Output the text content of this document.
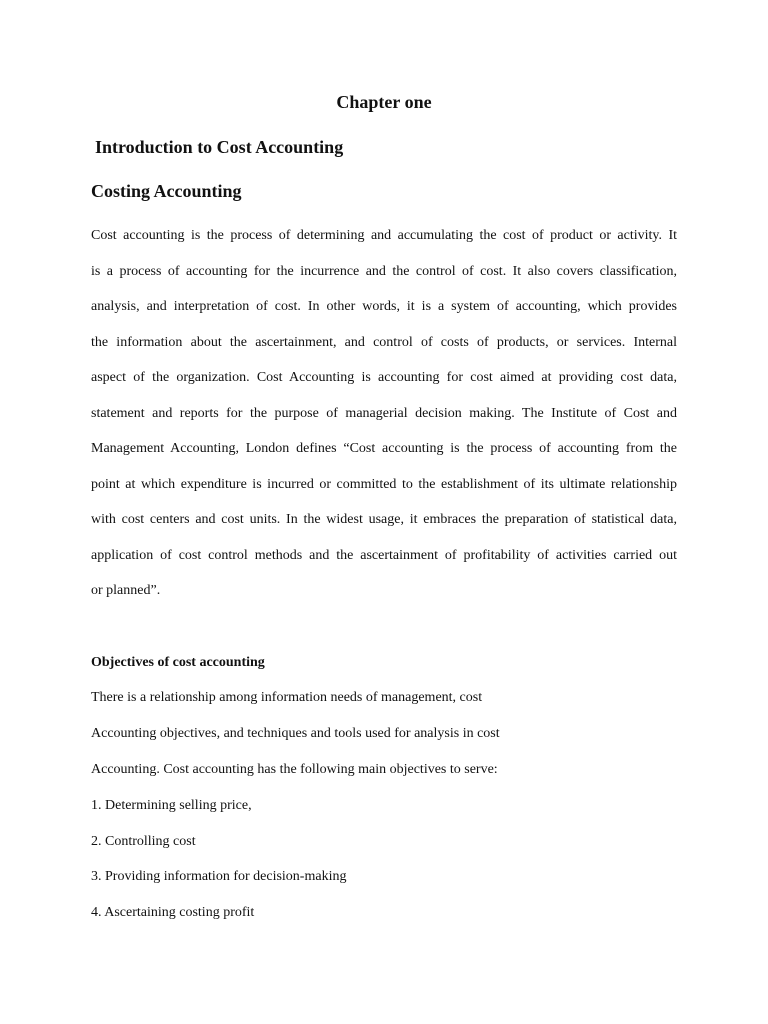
Chapter one
Introduction to Cost Accounting
Costing Accounting
Cost accounting is the process of determining and accumulating the cost of product or activity. It
is a process of accounting for the incurrence and the control of cost. It also covers classification,
analysis, and interpretation of cost. In other words, it is a system of accounting, which provides
the information about the ascertainment, and control of costs of products, or services. Internal
aspect of the organization. Cost Accounting is accounting for cost aimed at providing cost data,
statement and reports for the purpose of managerial decision making. The Institute of Cost and
Management Accounting, London defines “Cost accounting is the process of accounting from the
point at which expenditure is incurred or committed to the establishment of its ultimate relationship
with cost centers and cost units. In the widest usage, it embraces the preparation of statistical data,
application of cost control methods and the ascertainment of profitability of activities carried out
or planned”.
Objectives of cost accounting
There is a relationship among information needs of management, cost
Accounting objectives, and techniques and tools used for analysis in cost
Accounting. Cost accounting has the following main objectives to serve:
1. Determining selling price,
2. Controlling cost
3. Providing information for decision-making
4. Ascertaining costing profit
